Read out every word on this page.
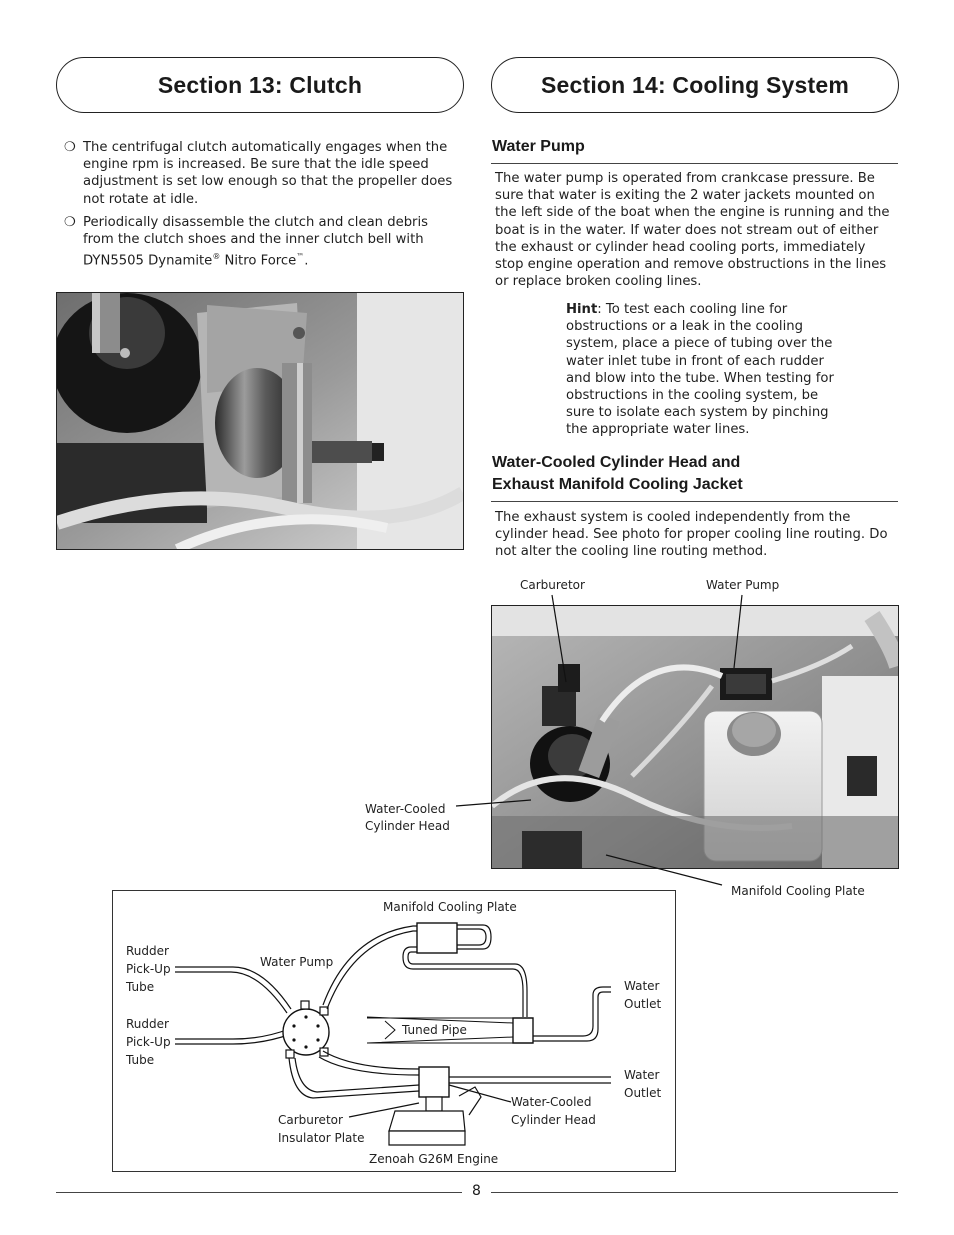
Section 13: Clutch	Section 14: Cooling System
❍ The centrifugal clutch automatically engages when the engine rpm is increased. Be sure that the idle speed adjustment is set low enough so that the propeller does not rotate at idle.
❍ Periodically disassemble the clutch and clean debris from the clutch shoes and the inner clutch bell with DYN5505 Dynamite® Nitro Force™.
Water Pump
The water pump is operated from crankcase pressure. Be sure that water is exiting the 2 water jackets mounted on the left side of the boat when the engine is running and the boat is in the water. If water does not stream out of either the exhaust or cylinder head cooling ports, immediately stop engine operation and remove obstructions in the lines or replace broken cooling lines.
Hint: To test each cooling line for obstructions or a leak in the cooling system, place a piece of tubing over the water inlet tube in front of each rudder and blow into the tube. When testing for obstructions in the cooling system, be sure to isolate each system by pinching the appropriate water lines.
Water-Cooled Cylinder Head and
Exhaust Manifold Cooling Jacket
The exhaust system is cooled independently from the cylinder head. See photo for proper cooling line routing. Do not alter the cooling line routing method.
Carburetor	Water Pump
Water-Cooled
Cylinder Head
Manifold Cooling Plate
Manifold Cooling Plate
Rudder
Pick-Up
Tube
Rudder
Pick-Up
Tube
Water Pump
Tuned Pipe
Water
Outlet
Water
Outlet
Water-Cooled
Cylinder Head
Carburetor
Insulator Plate
Zenoah G26M Engine
8
